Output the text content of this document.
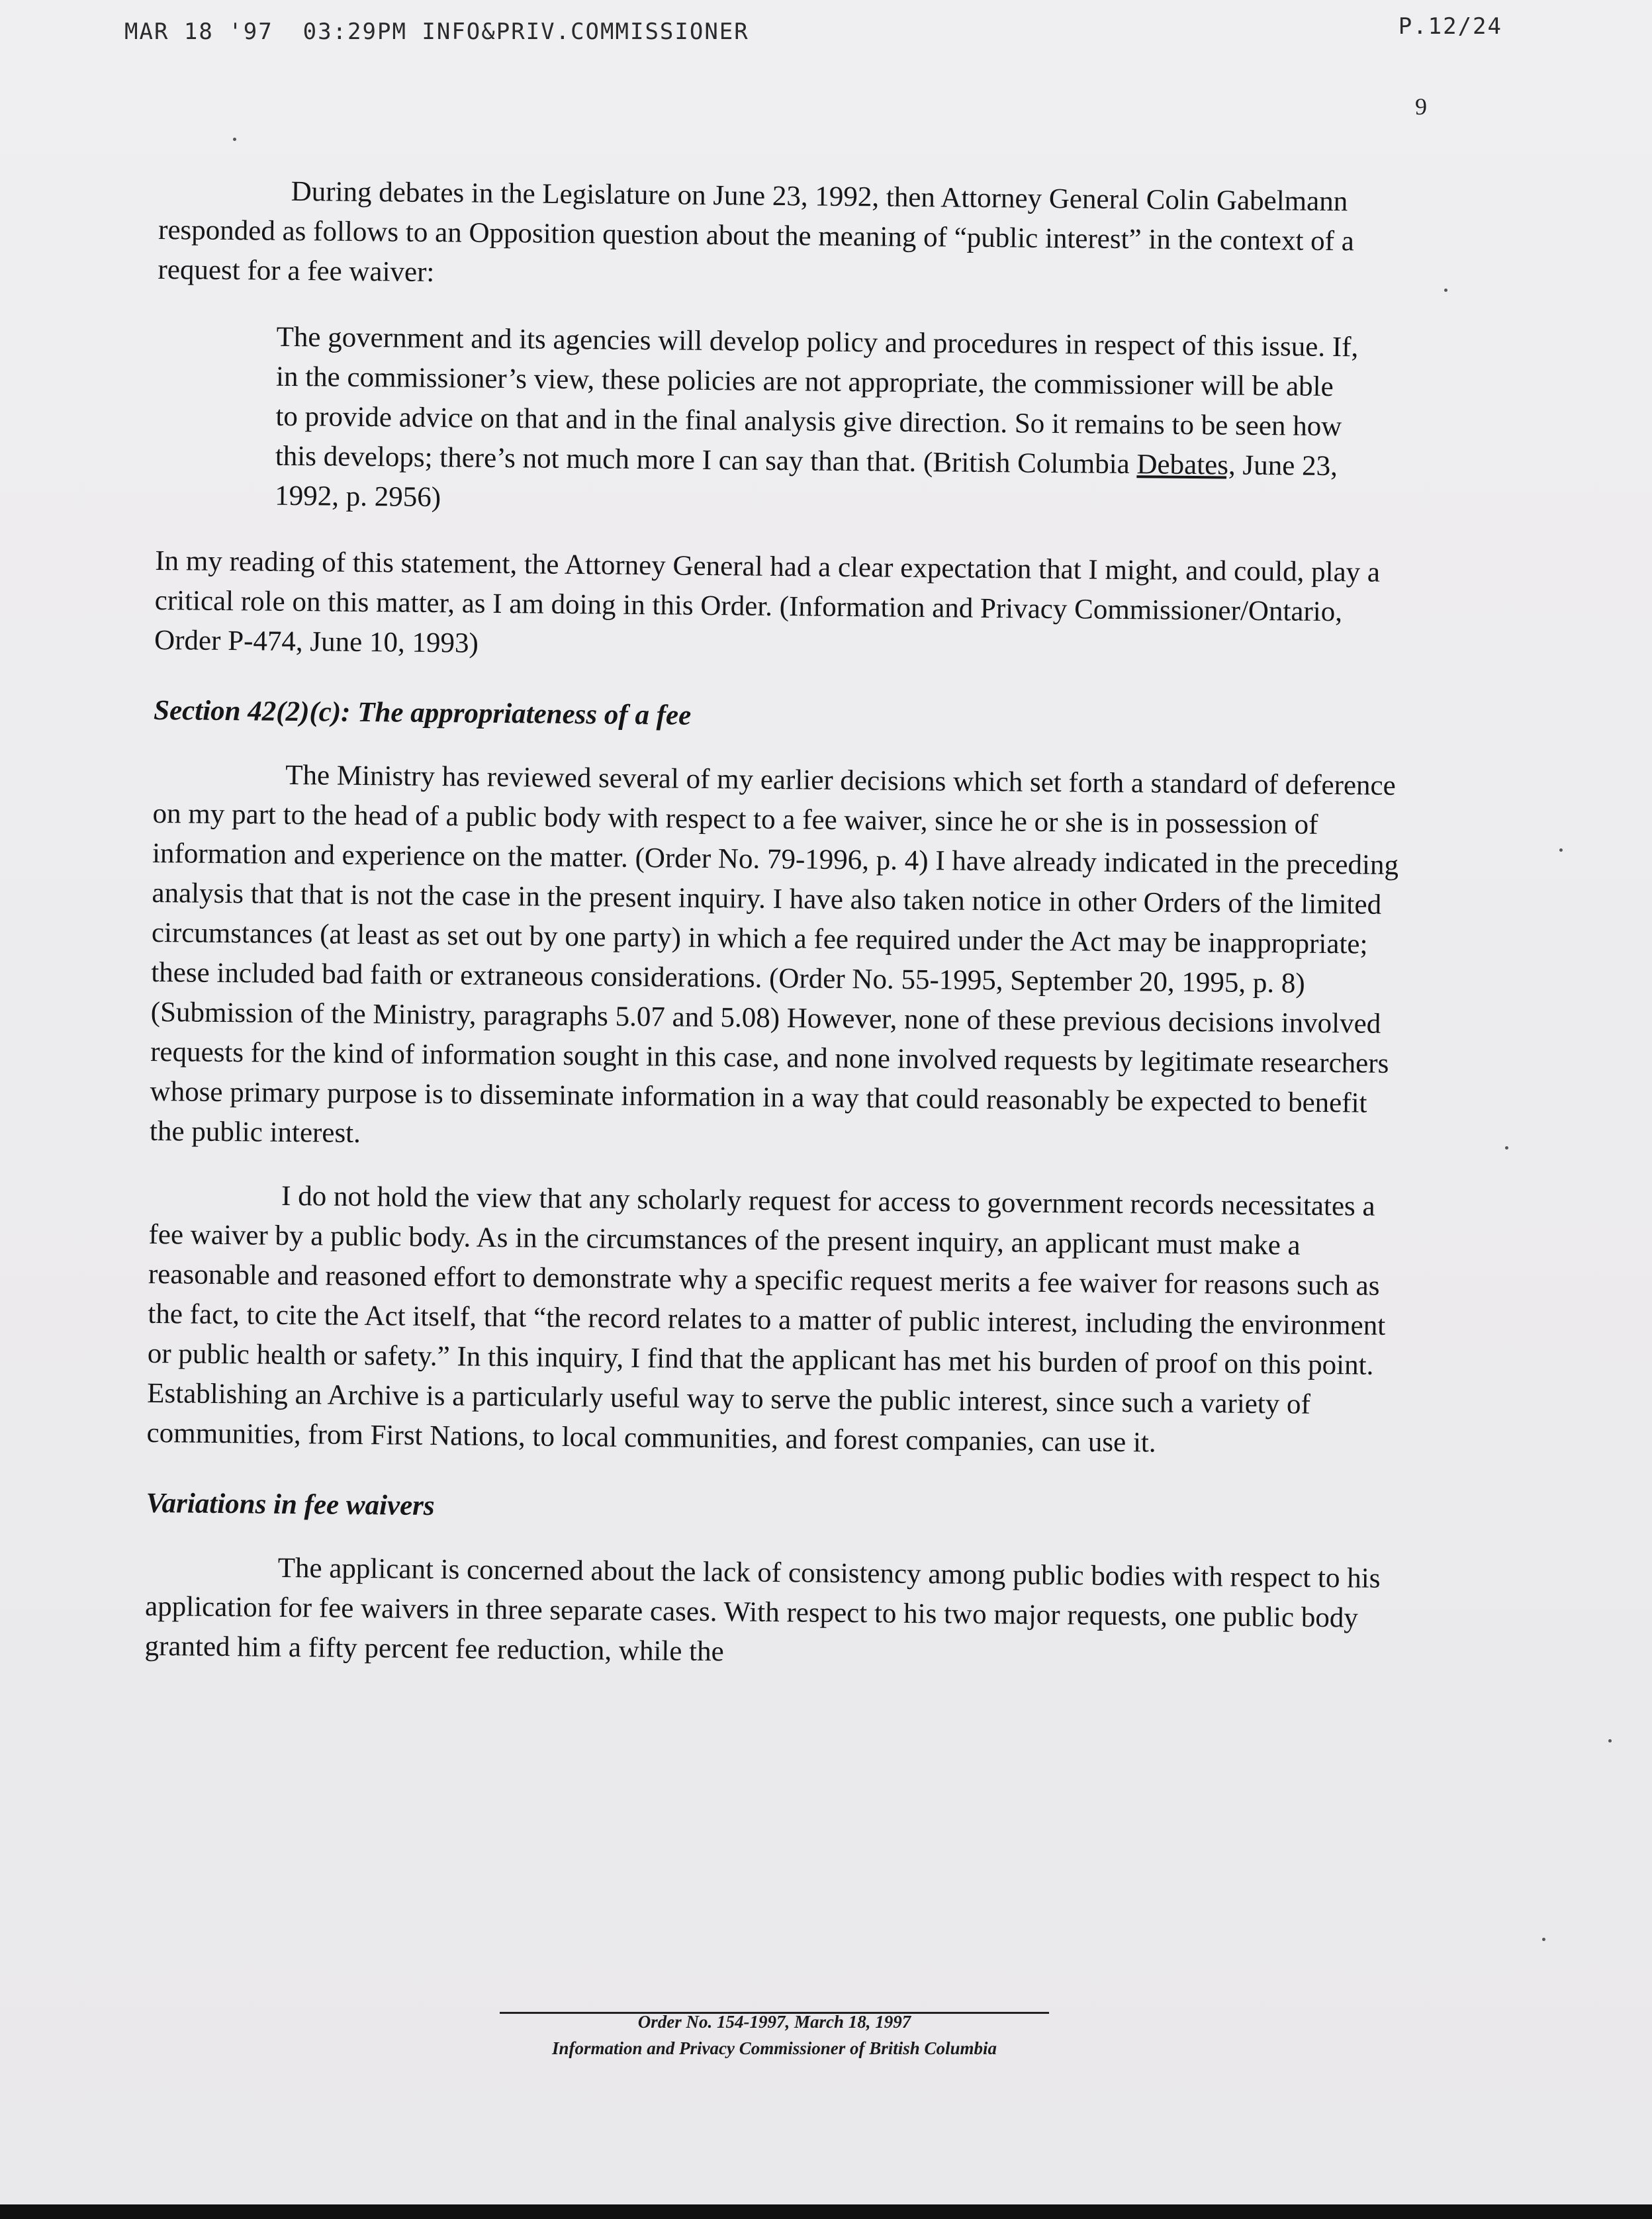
MAR 18 '97  03:29PM INFO&PRIV.COMMISSIONER	P.12/24
9

During debates in the Legislature on June 23, 1992, then Attorney General Colin Gabelmann responded as follows to an Opposition question about the meaning of “public interest” in the context of a request for a fee waiver:

The government and its agencies will develop policy and procedures in respect of this issue. If, in the commissioner’s view, these policies are not appropriate, the commissioner will be able to provide advice on that and in the final analysis give direction. So it remains to be seen how this develops; there’s not much more I can say than that. (British Columbia Debates, June 23, 1992, p. 2956)

In my reading of this statement, the Attorney General had a clear expectation that I might, and could, play a critical role on this matter, as I am doing in this Order. (Information and Privacy Commissioner/Ontario, Order P-474, June 10, 1993)

Section 42(2)(c): The appropriateness of a fee

The Ministry has reviewed several of my earlier decisions which set forth a standard of deference on my part to the head of a public body with respect to a fee waiver, since he or she is in possession of information and experience on the matter. (Order No. 79-1996, p. 4) I have already indicated in the preceding analysis that that is not the case in the present inquiry. I have also taken notice in other Orders of the limited circumstances (at least as set out by one party) in which a fee required under the Act may be inappropriate; these included bad faith or extraneous considerations. (Order No. 55-1995, September 20, 1995, p. 8) (Submission of the Ministry, paragraphs 5.07 and 5.08) However, none of these previous decisions involved requests for the kind of information sought in this case, and none involved requests by legitimate researchers whose primary purpose is to disseminate information in a way that could reasonably be expected to benefit the public interest.

I do not hold the view that any scholarly request for access to government records necessitates a fee waiver by a public body. As in the circumstances of the present inquiry, an applicant must make a reasonable and reasoned effort to demonstrate why a specific request merits a fee waiver for reasons such as the fact, to cite the Act itself, that “the record relates to a matter of public interest, including the environment or public health or safety.” In this inquiry, I find that the applicant has met his burden of proof on this point. Establishing an Archive is a particularly useful way to serve the public interest, since such a variety of communities, from First Nations, to local communities, and forest companies, can use it.

Variations in fee waivers

The applicant is concerned about the lack of consistency among public bodies with respect to his application for fee waivers in three separate cases. With respect to his two major requests, one public body granted him a fifty percent fee reduction, while the

Order No. 154-1997, March 18, 1997
Information and Privacy Commissioner of British Columbia
